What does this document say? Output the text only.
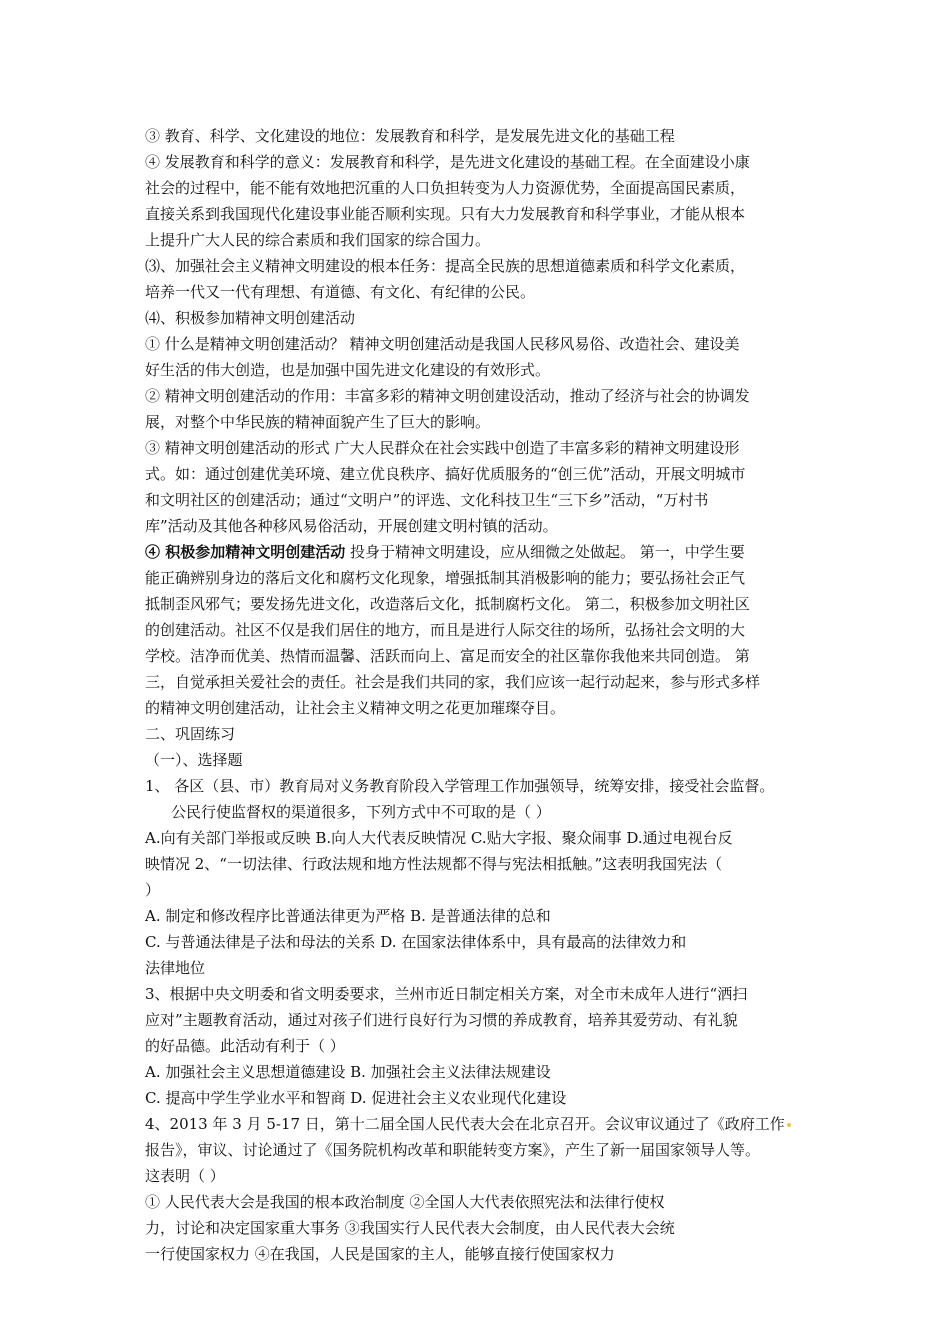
③ 教育、科学、文化建设的地位：发展教育和科学，是发展先进文化的基础工程
④ 发展教育和科学的意义：发展教育和科学，是先进文化建设的基础工程。在全面建设小康
社会的过程中，能不能有效地把沉重的人口负担转变为人力资源优势，全面提高国民素质，
直接关系到我国现代化建设事业能否顺利实现。只有大力发展教育和科学事业，才能从根本
上提升广大人民的综合素质和我们国家的综合国力。
⑶、加强社会主义精神文明建设的根本任务：提高全民族的思想道德素质和科学文化素质，
培养一代又一代有理想、有道德、有文化、有纪律的公民。
⑷、积极参加精神文明创建活动
① 什么是精神文明创建活动？ 精神文明创建活动是我国人民移风易俗、改造社会、建设美
好生活的伟大创造，也是加强中国先进文化建设的有效形式。
② 精神文明创建活动的作用：丰富多彩的精神文明创建设活动，推动了经济与社会的协调发
展，对整个中华民族的精神面貌产生了巨大的影响。
③ 精神文明创建活动的形式 广大人民群众在社会实践中创造了丰富多彩的精神文明建设形
式。如：通过创建优美环境、建立优良秩序、搞好优质服务的“创三优”活动，开展文明城市
和文明社区的创建活动；通过“文明户”的评选、文化科技卫生“三下乡”活动，“万村书
库”活动及其他各种移风易俗活动，开展创建文明村镇的活动。
④ 积极参加精神文明创建活动 投身于精神文明建设，应从细微之处做起。 第一，中学生要
能正确辨别身边的落后文化和腐朽文化现象，增强抵制其消极影响的能力；要弘扬社会正气
抵制歪风邪气；要发扬先进文化，改造落后文化，抵制腐朽文化。 第二，积极参加文明社区
的创建活动。社区不仅是我们居住的地方，而且是进行人际交往的场所，弘扬社会文明的大
学校。洁净而优美、热情而温馨、活跃而向上、富足而安全的社区靠你我他来共同创造。 第
三，自觉承担关爱社会的责任。社会是我们共同的家，我们应该一起行动起来，参与形式多样
的精神文明创建活动，让社会主义精神文明之花更加璀璨夺目。
二、巩固练习
（一）、选择题
1、 各区（县、市）教育局对义务教育阶段入学管理工作加强领导，统筹安排，接受社会监督。
公民行使监督权的渠道很多，下列方式中不可取的是（ ）
A.向有关部门举报或反映 B.向人大代表反映情况 C.贴大字报、聚众闹事 D.通过电视台反
映情况 2、“一切法律、行政法规和地方性法规都不得与宪法相抵触。”这表明我国宪法（
）
A. 制定和修改程序比普通法律更为严格 B. 是普通法律的总和
C. 与普通法律是子法和母法的关系 D. 在国家法律体系中，具有最高的法律效力和
法律地位
3、根据中央文明委和省文明委要求，兰州市近日制定相关方案，对全市未成年人进行“洒扫
应对”主题教育活动，通过对孩子们进行良好行为习惯的养成教育，培养其爱劳动、有礼貌
的好品德。此活动有利于（ ）
A. 加强社会主义思想道德建设 B. 加强社会主义法律法规建设
C. 提高中学生学业水平和智商 D. 促进社会主义农业现代化建设
4、2013 年 3 月 5-17 日，第十二届全国人民代表大会在北京召开。会议审议通过了《政府工作
报告》，审议、讨论通过了《国务院机构改革和职能转变方案》，产生了新一届国家领导人等。
这表明（ ）
① 人民代表大会是我国的根本政治制度 ②全国人大代表依照宪法和法律行使权
力，讨论和决定国家重大事务 ③我国实行人民代表大会制度，由人民代表大会统
一行使国家权力 ④在我国，人民是国家的主人，能够直接行使国家权力
